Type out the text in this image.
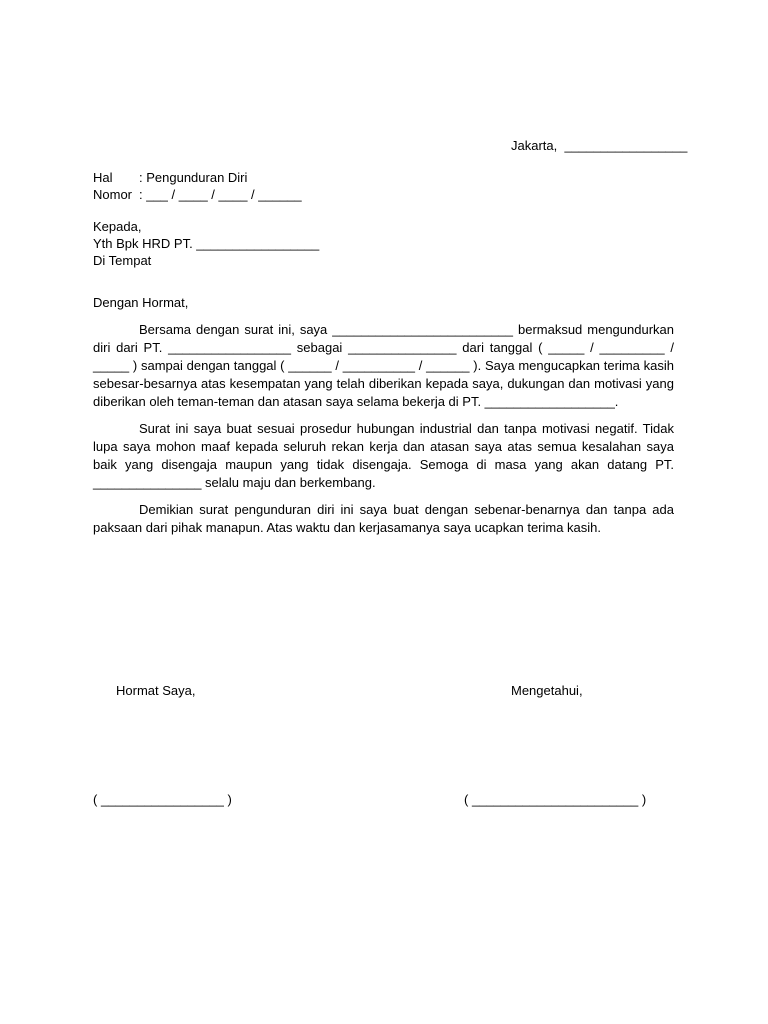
Jakarta,  _________________
Hal	: Pengunduran Diri
Nomor : ___ / ____ / ____ / ______
Kepada,
Yth Bpk HRD PT. _________________
Di Tempat
Dengan Hormat,
Bersama dengan surat ini, saya _________________________ bermaksud mengundurkan diri dari PT. _________________ sebagai _______________ dari tanggal ( _____ / _________ / _____ ) sampai dengan tanggal ( ______ / __________ / ______ ). Saya mengucapkan terima kasih sebesar-besarnya atas kesempatan yang telah diberikan kepada saya, dukungan dan motivasi yang diberikan oleh teman-teman dan atasan saya selama bekerja di PT. __________________.
Surat ini saya buat sesuai prosedur hubungan industrial dan tanpa motivasi negatif. Tidak lupa saya mohon maaf kepada seluruh rekan kerja dan atasan saya atas semua kesalahan saya baik yang disengaja maupun yang tidak disengaja. Semoga di masa yang akan datang PT. _______________ selalu maju dan berkembang.
Demikian surat pengunduran diri ini saya buat dengan sebenar-benarnya dan tanpa ada paksaan dari pihak manapun. Atas waktu dan kerjasamanya saya ucapkan terima kasih.
Hormat Saya,	Mengetahui,
( _________________ )	( _______________________ )
